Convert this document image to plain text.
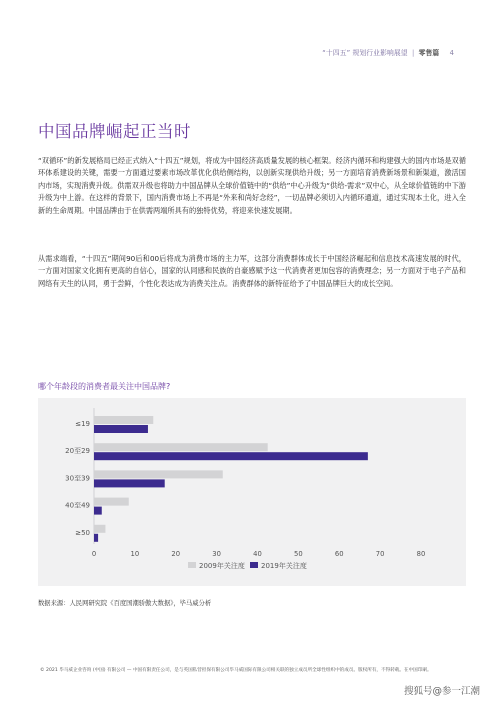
“十四五” 规划行业影响展望 | 零售篇 4
中国品牌崛起正当时

“双循环”的新发展格局已经正式纳入“十四五”规划，将成为中国经济高质量发展的核心框架。经济内循环和构建强大的国内市场是双循环体系建设的关键，需要一方面通过要素市场改革优化供给侧结构，以创新实现供给升级；另一方面培育消费新场景和新渠道，激活国内市场，实现消费升级。供需双升级也将助力中国品牌从全球价值链中的“供给”中心升级为“供给-需求”双中心，从全球价值链的中下游升级为中上游。在这样的背景下，国内消费市场上不再是“外来和尚好念经”，一切品牌必须切入内循环通道，通过实现本土化，进入全新的生命周期。中国品牌由于在供需两端所具有的独特优势，将迎来快速发展期。

从需求端看，“十四五”期间90后和00后将成为消费市场的主力军，这部分消费群体成长于中国经济崛起和信息技术高速发展的时代，一方面对国家文化拥有更高的自信心，国家的认同感和民族的自豪感赋予这一代消费者更加包容的消费理念；另一方面对于电子产品和网络有天生的认同，勇于尝鲜，个性化表达成为消费关注点。消费群体的新特征给予了中国品牌巨大的成长空间。

哪个年龄段的消费者最关注中国品牌?

≤19
20至29
30至39
40至49
≥50
0	10	20	30	40	50	60	70	80
2009年关注度 2019年关注度

数据来源：人民网研究院《百度国潮骄傲大数据》，毕马威分析

© 2021 毕马威企业咨询 (中国) 有限公司 — 中国有限责任公司，是与英国私营担保有限公司毕马威国际有限公司相关联的独立成员所全球性组织中的成员。版权所有，不得转载。在中国印刷。

搜狐号@参一江潮
